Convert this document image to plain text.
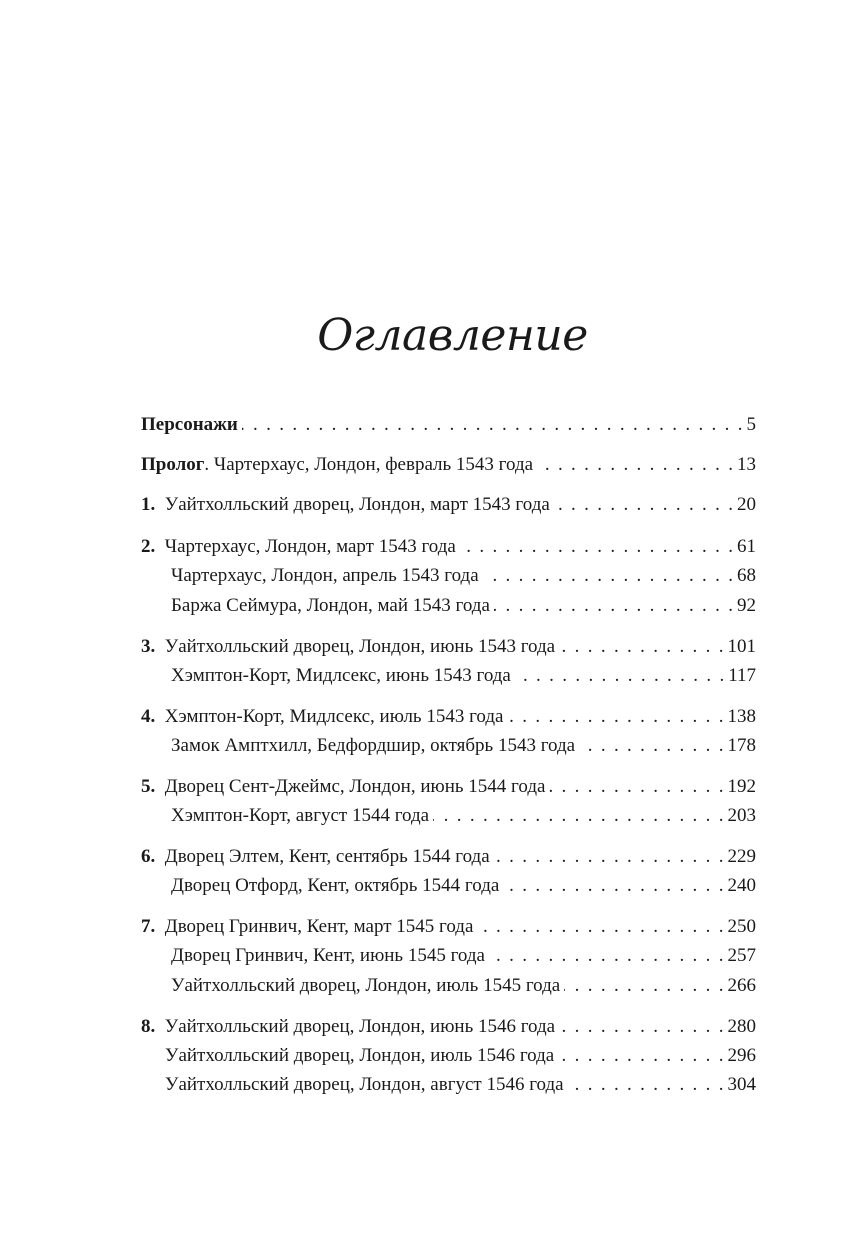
Оглавление
Персонажи . . .	5
Пролог. Чартерхаус, Лондон, февраль 1543 года . . .	13
1. Уайтхолльский дворец, Лондон, март 1543 года . . .	20
2. Чартерхаус, Лондон, март 1543 года . . .	61
Чартерхаус, Лондон, апрель 1543 года . . .	68
Баржа Сеймура, Лондон, май 1543 года . . .	92
3. Уайтхолльский дворец, Лондон, июнь 1543 года . . .	101
Хэмптон-Корт, Мидлсекс, июнь 1543 года . . .	117
4. Хэмптон-Корт, Мидлсекс, июль 1543 года . . .	138
Замок Амптхилл, Бедфордшир, октябрь 1543 года . . .	178
5. Дворец Сент-Джеймс, Лондон, июнь 1544 года . . .	192
Хэмптон-Корт, август 1544 года . . .	203
6. Дворец Элтем, Кент, сентябрь 1544 года . . .	229
Дворец Отфорд, Кент, октябрь 1544 года . . .	240
7. Дворец Гринвич, Кент, март 1545 года . . .	250
Дворец Гринвич, Кент, июнь 1545 года . . .	257
Уайтхолльский дворец, Лондон, июль 1545 года . . .	266
8. Уайтхолльский дворец, Лондон, июнь 1546 года . . .	280
Уайтхолльский дворец, Лондон, июль 1546 года . . .	296
Уайтхолльский дворец, Лондон, август 1546 года . . .	304
